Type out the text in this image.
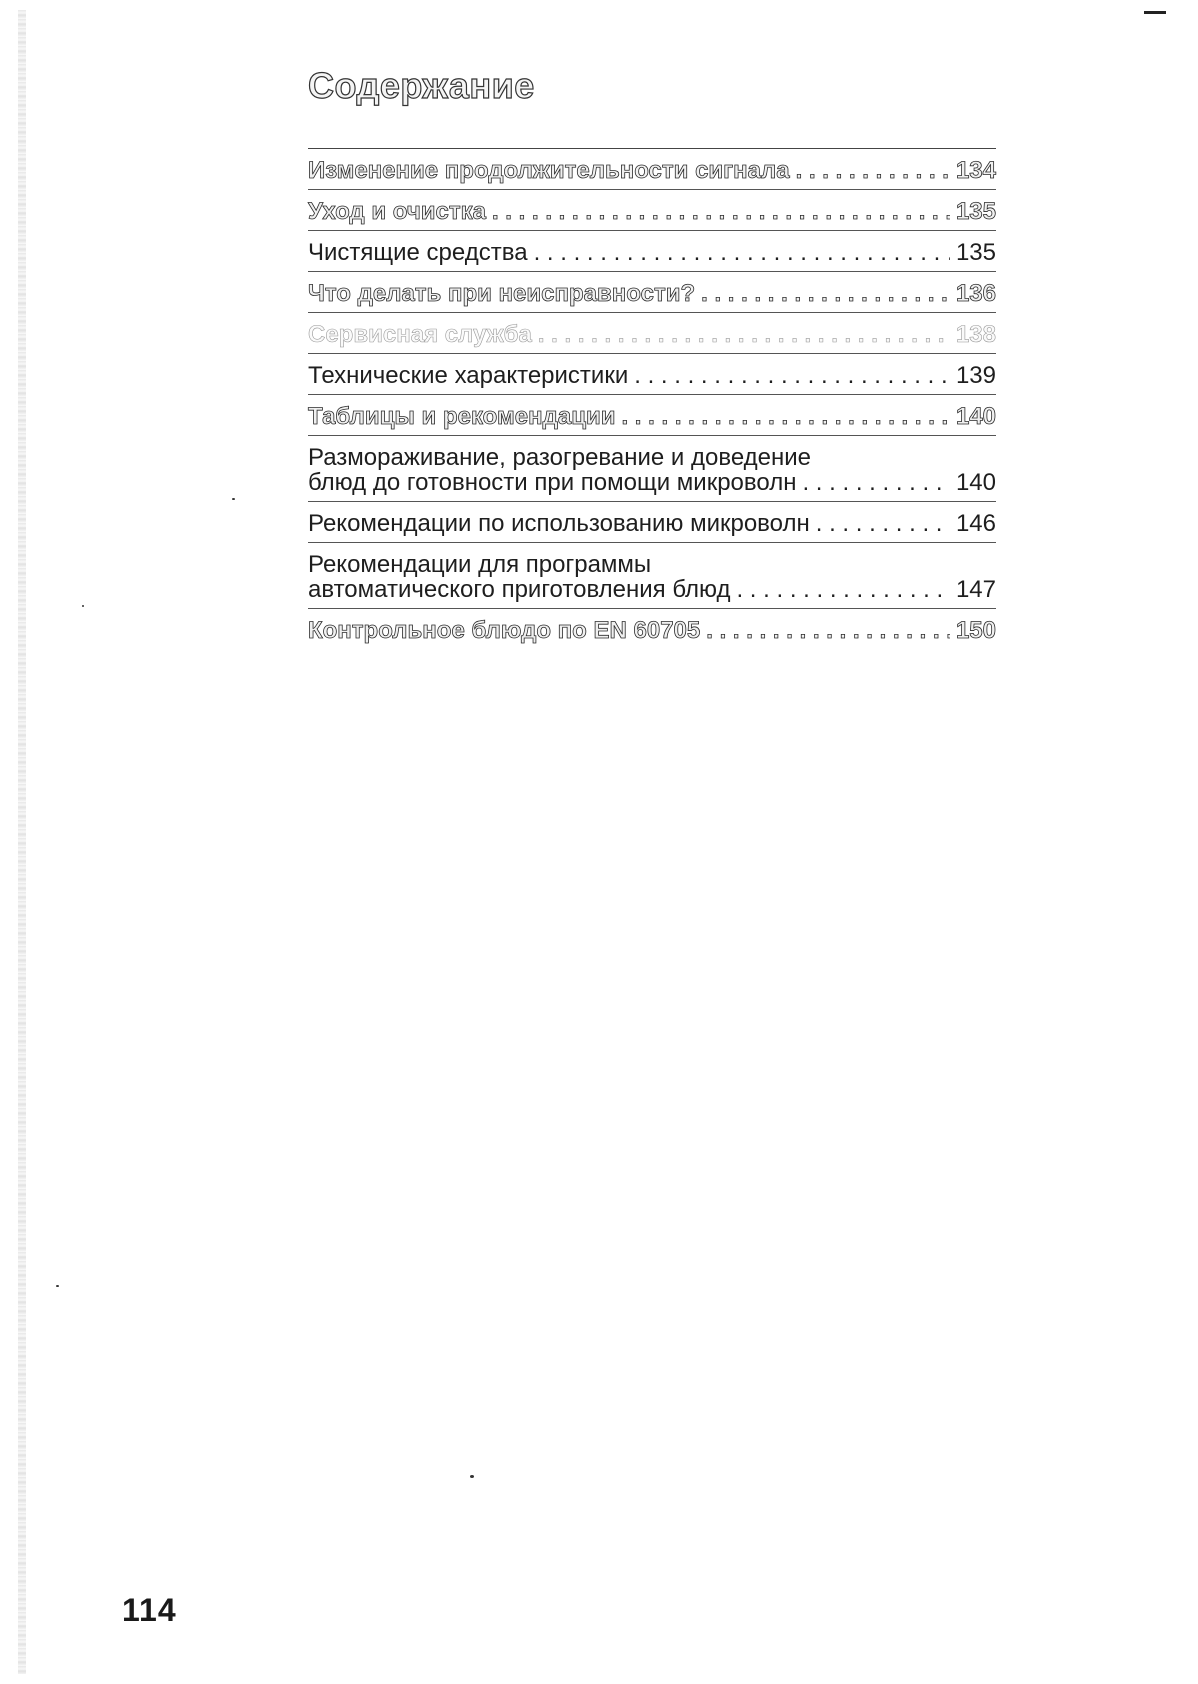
Содержание
Изменение продолжительности сигнала . . .	134
Уход и очистка . . .	135
Чистящие средства . . .	135
Что делать при неисправности? . . .	136
Сервисная служба . . .	138
Технические характеристики . . .	139
Таблицы и рекомендации . . .	140
Размораживание, разогревание и доведение
блюд до готовности при помощи микроволн . . .	140
Рекомендации по использованию микроволн . . .	146
Рекомендации для программы
автоматического приготовления блюд . . .	147
Контрольное блюдо по EN 60705 . . .	150
114
